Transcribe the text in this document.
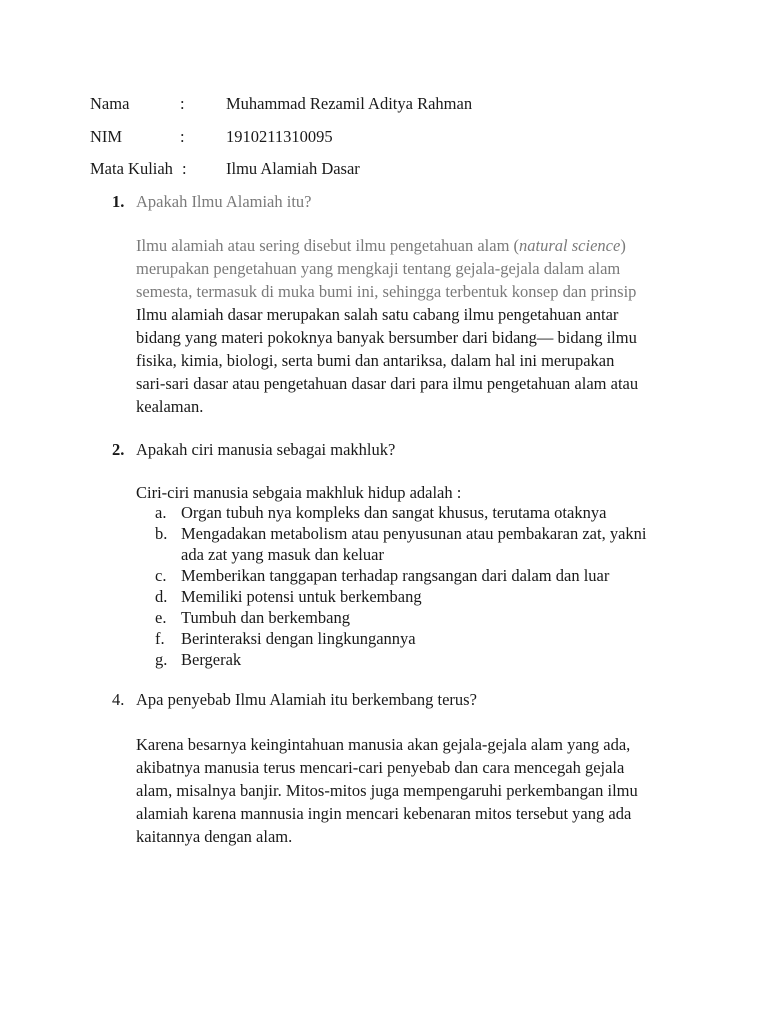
Nama	:	Muhammad Rezamil Aditya Rahman
NIM	:	1910211310095
Mata Kuliah : Ilmu Alamiah Dasar
1. Apakah Ilmu Alamiah itu?
Ilmu alamiah atau sering disebut ilmu pengetahuan alam (natural science)
merupakan pengetahuan yang mengkaji tentang gejala-gejala dalam alam
semesta, termasuk di muka bumi ini, sehingga terbentuk konsep dan prinsip
Ilmu alamiah dasar merupakan salah satu cabang ilmu pengetahuan antar
bidang yang materi pokoknya banyak bersumber dari bidang— bidang ilmu
fisika, kimia, biologi, serta bumi dan antariksa, dalam hal ini merupakan
sari-sari dasar atau pengetahuan dasar dari para ilmu pengetahuan alam atau
kealaman.
2. Apakah ciri manusia sebagai makhluk?
Ciri-ciri manusia sebgaia makhluk hidup adalah :
a. Organ tubuh nya kompleks dan sangat khusus, terutama otaknya
b. Mengadakan metabolism atau penyusunan atau pembakaran zat, yakni
ada zat yang masuk dan keluar
c. Memberikan tanggapan terhadap rangsangan dari dalam dan luar
d. Memiliki potensi untuk berkembang
e. Tumbuh dan berkembang
f. Berinteraksi dengan lingkungannya
g. Bergerak
4. Apa penyebab Ilmu Alamiah itu berkembang terus?
Karena besarnya keingintahuan manusia akan gejala-gejala alam yang ada,
akibatnya manusia terus mencari-cari penyebab dan cara mencegah gejala
alam, misalnya banjir. Mitos-mitos juga mempengaruhi perkembangan ilmu
alamiah karena mannusia ingin mencari kebenaran mitos tersebut yang ada
kaitannya dengan alam.
